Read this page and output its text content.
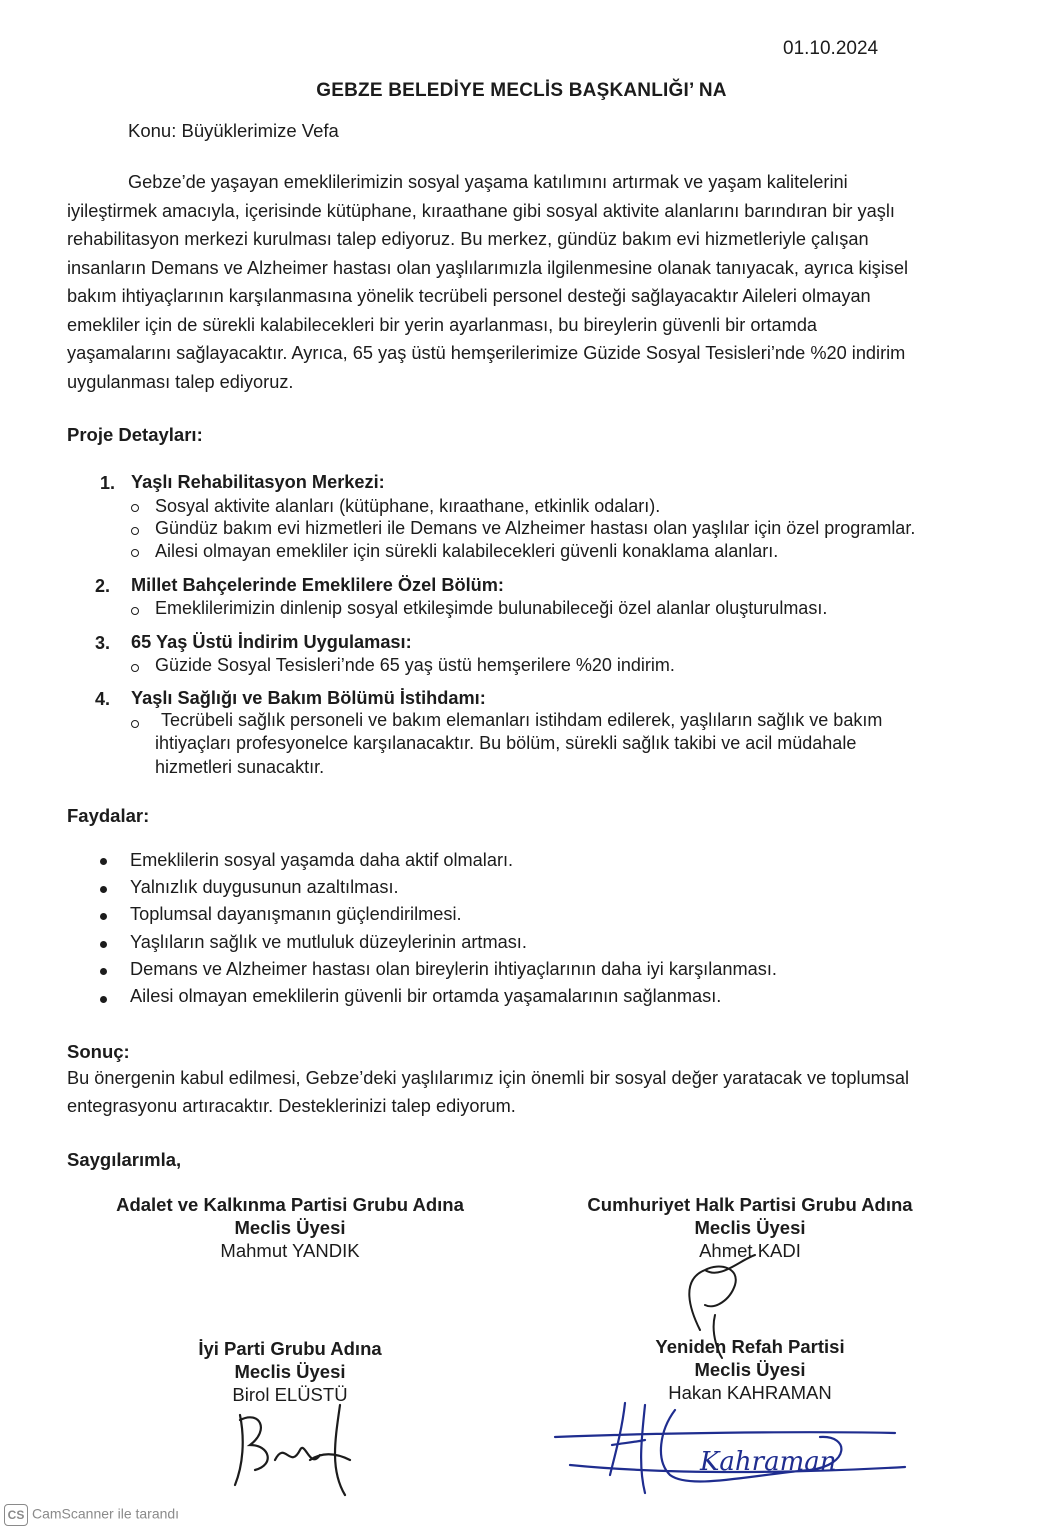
01.10.2024
GEBZE BELEDİYE MECLİS BAŞKANLIĞI’ NA
Konu: Büyüklerimize Vefa
Gebze’de yaşayan emeklilerimizin sosyal yaşama katılımını artırmak ve yaşam kalitelerini
iyileştirmek amacıyla, içerisinde kütüphane, kıraathane gibi sosyal aktivite alanlarını barındıran bir yaşlı
rehabilitasyon merkezi kurulması talep ediyoruz. Bu merkez, gündüz bakım evi hizmetleriyle çalışan
insanların Demans ve Alzheimer hastası olan yaşlılarımızla ilgilenmesine olanak tanıyacak, ayrıca kişisel
bakım ihtiyaçlarının karşılanmasına yönelik tecrübeli personel desteği sağlayacaktır Aileleri olmayan
emekliler için de sürekli kalabilecekleri bir yerin ayarlanması, bu bireylerin güvenli bir ortamda
yaşamalarını sağlayacaktır. Ayrıca, 65 yaş üstü hemşerilerimize Güzide Sosyal Tesisleri’nde %20 indirim
uygulanması talep ediyoruz.
Proje Detayları:
1. Yaşlı Rehabilitasyon Merkezi:
Sosyal aktivite alanları (kütüphane, kıraathane, etkinlik odaları).
Gündüz bakım evi hizmetleri ile Demans ve Alzheimer hastası olan yaşlılar için özel programlar.
Ailesi olmayan emekliler için sürekli kalabilecekleri güvenli konaklama alanları.
2. Millet Bahçelerinde Emeklilere Özel Bölüm:
Emeklilerimizin dinlenip sosyal etkileşimde bulunabileceği özel alanlar oluşturulması.
3. 65 Yaş Üstü İndirim Uygulaması:
Güzide Sosyal Tesisleri’nde 65 yaş üstü hemşerilere %20 indirim.
4. Yaşlı Sağlığı ve Bakım Bölümü İstihdamı:
Tecrübeli sağlık personeli ve bakım elemanları istihdam edilerek, yaşlıların sağlık ve bakım
ihtiyaçları profesyonelce karşılanacaktır. Bu bölüm, sürekli sağlık takibi ve acil müdahale
hizmetleri sunacaktır.
Faydalar:
Emeklilerin sosyal yaşamda daha aktif olmaları.
Yalnızlık duygusunun azaltılması.
Toplumsal dayanışmanın güçlendirilmesi.
Yaşlıların sağlık ve mutluluk düzeylerinin artması.
Demans ve Alzheimer hastası olan bireylerin ihtiyaçlarının daha iyi karşılanması.
Ailesi olmayan emeklilerin güvenli bir ortamda yaşamalarının sağlanması.
Sonuç:
Bu önergenin kabul edilmesi, Gebze’deki yaşlılarımız için önemli bir sosyal değer yaratacak ve toplumsal
entegrasyonu artıracaktır. Desteklerinizi talep ediyorum.
Saygılarımla,
Adalet ve Kalkınma Partisi Grubu Adına
Meclis Üyesi
Mahmut YANDIK
Cumhuriyet Halk Partisi Grubu Adına
Meclis Üyesi
Ahmet KADI
İyi Parti Grubu Adına
Meclis Üyesi
Birol ELÜSTÜ
Yeniden Refah Partisi
Meclis Üyesi
Hakan KAHRAMAN
Kahraman
CS CamScanner ile tarandı
